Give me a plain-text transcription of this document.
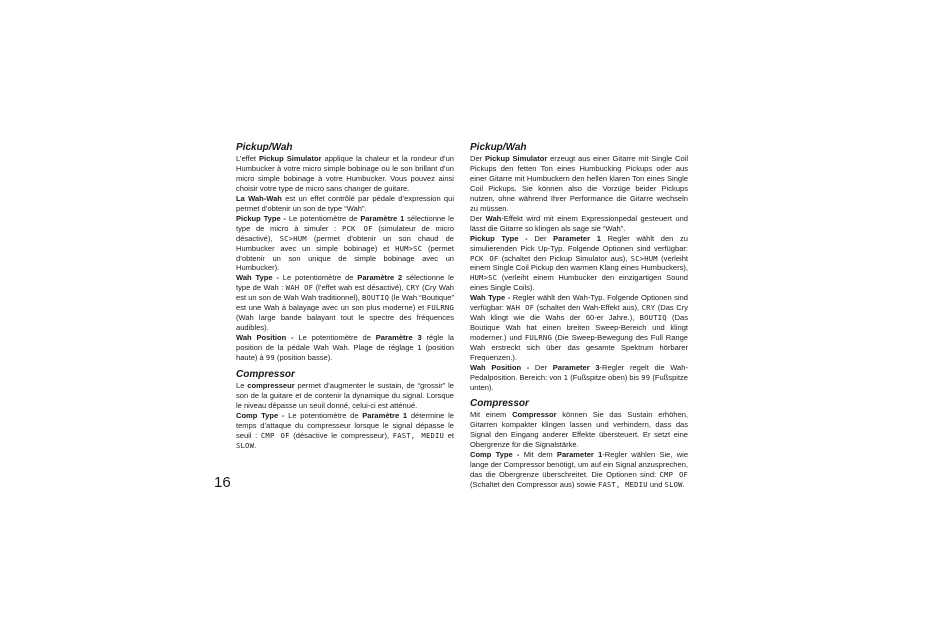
Pickup/Wah

L’effet Pickup Simulator applique la chaleur et la rondeur d’un Humbucker à votre micro simple bobinage ou le son brillant d’un micro simple bobinage à votre Humbucker. Vous pouvez ainsi choisir votre type de micro sans changer de guitare.

La Wah-Wah est un effet contrôlé par pédale d’expression qui permet d’obtenir un son de type “Wah”.

Pickup Type - Le potentiomètre de Paramètre 1 sélectionne le type de micro à simuler : PCK OF (simulateur de micro désactivé), SC>HUM (permet d’obtenir un son chaud de Humbucker avec un simple bobinage) et HUM>SC (permet d’obtenir un son unique de simple bobinage avec un Humbucker).

Wah Type - Le potentiomètre de Paramètre 2 sélectionne le type de Wah : WAH OF (l’effet wah est désactivé), CRY (Cry Wah est un son de Wah Wah traditionnel), BOUTIQ (le Wah “Boutique” est une Wah à balayage avec un son plus moderne) et FULRNG (Wah large bande balayant tout le spectre des fréquences audibles).

Wah Position - Le potentiomètre de Paramètre 3 règle la position de la pédale Wah Wah. Plage de réglage 1 (position haute) à 99 (position basse).

Compressor

Le compresseur permet d’augmenter le sustain, de “grossir” le son de la guitare et de contenir la dynamique du signal. Lorsque le niveau dépasse un seuil donné, celui-ci est atténué.

Comp Type - Le potentiomètre de Paramètre 1 détermine le temps d’attaque du compresseur lorsque le signal dépasse le seuil : CMP OF (désactive le compresseur), FAST, MEDIU et SLOW.

Pickup/Wah

Der Pickup Simulator erzeugt aus einer Gitarre mit Single Coil Pickups den fetten Ton eines Humbucking Pickups oder aus einer Gitarre mit Humbuckern den hellen klaren Ton eines Single Coil Pickups. Sie können also die Vorzüge beider Pickups nutzen, ohne während Ihrer Performance die Gitarre wechseln zu müssen.

Der Wah-Effekt wird mit einem Expressionpedal gesteuert und lässt die Gitarre so klingen als sage sie “Wah”.

Pickup Type - Der Parameter 1 Regler wählt den zu simulierenden Pick Up-Typ. Folgende Optionen sind verfügbar: PCK OF (schaltet den Pickup Simulator aus), SC>HUM (verleiht einem Single Coil Pickup den warmen Klang eines Humbuckers), HUM>SC (verleiht einem Humbucker den einzigartigen Sound eines Single Coils).

Wah Type - Regler wählt den Wah-Typ. Folgende Optionen sind verfügbar: WAH OF (schaltet den Wah-Effekt aus), CRY (Das Cry Wah klingt wie die Wahs der 60-er Jahre.), BOUTIQ (Das Boutique Wah hat einen breiten Sweep-Bereich und klingt moderner.) und FULRNG (Die Sweep-Bewegung des Full Range Wah erstreckt sich über das gesamte Spektrum hörbarer Frequenzen.).

Wah Position - Der Parameter 3-Regler regelt die Wah-Pedalposition. Bereich: von 1 (Fußspitze oben) bis 99 (Fußspitze unten).

Compressor

Mit einem Compressor können Sie das Sustain erhöhen, Gitarren kompakter klingen lassen und verhindern, dass das Signal den Eingang anderer Effekte übersteuert. Er setzt eine Obergrenze für die Signalstärke.

Comp Type - Mit dem Parameter 1-Regler wählen Sie, wie lange der Compressor benötigt, um auf ein Signal anzusprechen, das die Obergrenze überschreitet. Die Optionen sind: CMP OF (Schaltet den Compressor aus) sowie FAST, MEDIU und SLOW.

16
